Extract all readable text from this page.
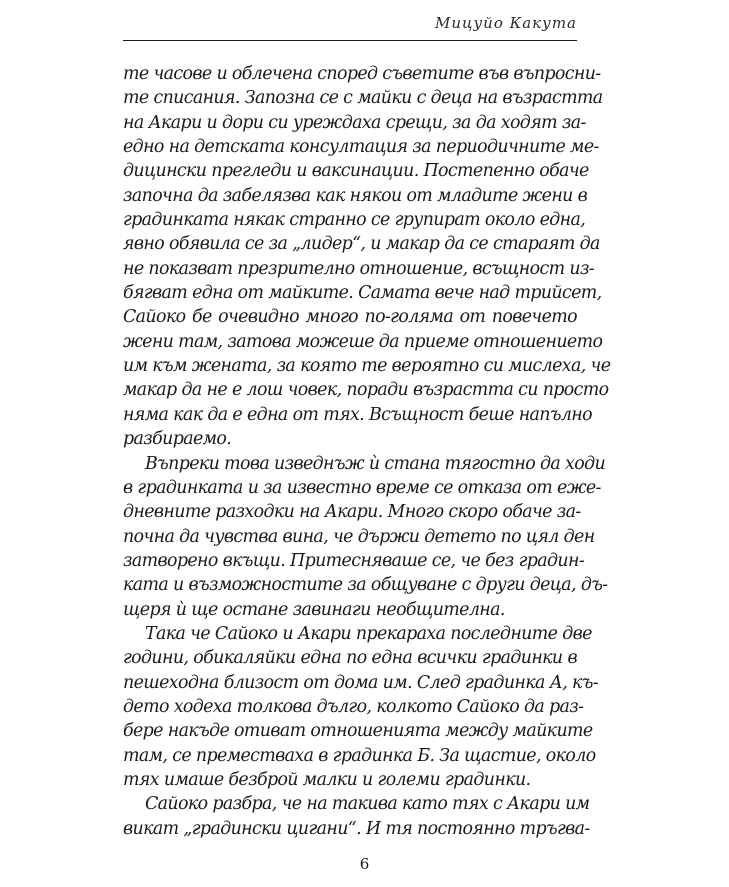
Мицуйо Какута

те часове и облечена според съветите във въпросни-
те списания. Запозна се с майки с деца на възрастта
на Акари и дори си уреждаха срещи, за да ходят за-
едно на детската консултация за периодичните ме-
дицински прегледи и ваксинации. Постепенно обаче
започна да забелязва как някои от младите жени в
градинката някак странно се групират около една,
явно обявила се за „лидер“, и макар да се стараят да
не показват презрително отношение, всъщност из-
бягват една от майките. Самата вече над трийсет,
Сайоко бе очевидно много по-голяма от повечето
жени там, затова можеше да приеме отношението
им към жената, за която те вероятно си мислеха, че
макар да не е лош човек, поради възрастта си просто
няма как да е една от тях. Всъщност беше напълно
разбираемо.

Въпреки това изведнъж ѝ стана тягостно да ходи
в градинката и за известно време се отказа от еже-
дневните разходки на Акари. Много скоро обаче за-
почна да чувства вина, че държи детето по цял ден
затворено вкъщи. Притесняваше се, че без градин-
ката и възможностите за общуване с други деца, дъ-
щеря ѝ ще остане завинаги необщителна.

Така че Сайоко и Акари прекараха последните две
години, обикаляйки една по една всички градинки в
пешеходна близост от дома им. След градинка А, къ-
дето ходеха толкова дълго, колкото Сайоко да раз-
бере накъде отиват отношенията между майките
там, се преместваха в градинка Б. За щастие, около
тях имаше безброй малки и големи градинки.

Сайоко разбра, че на такива като тях с Акари им
викат „градински цигани“. И тя постоянно тръгва-

6
